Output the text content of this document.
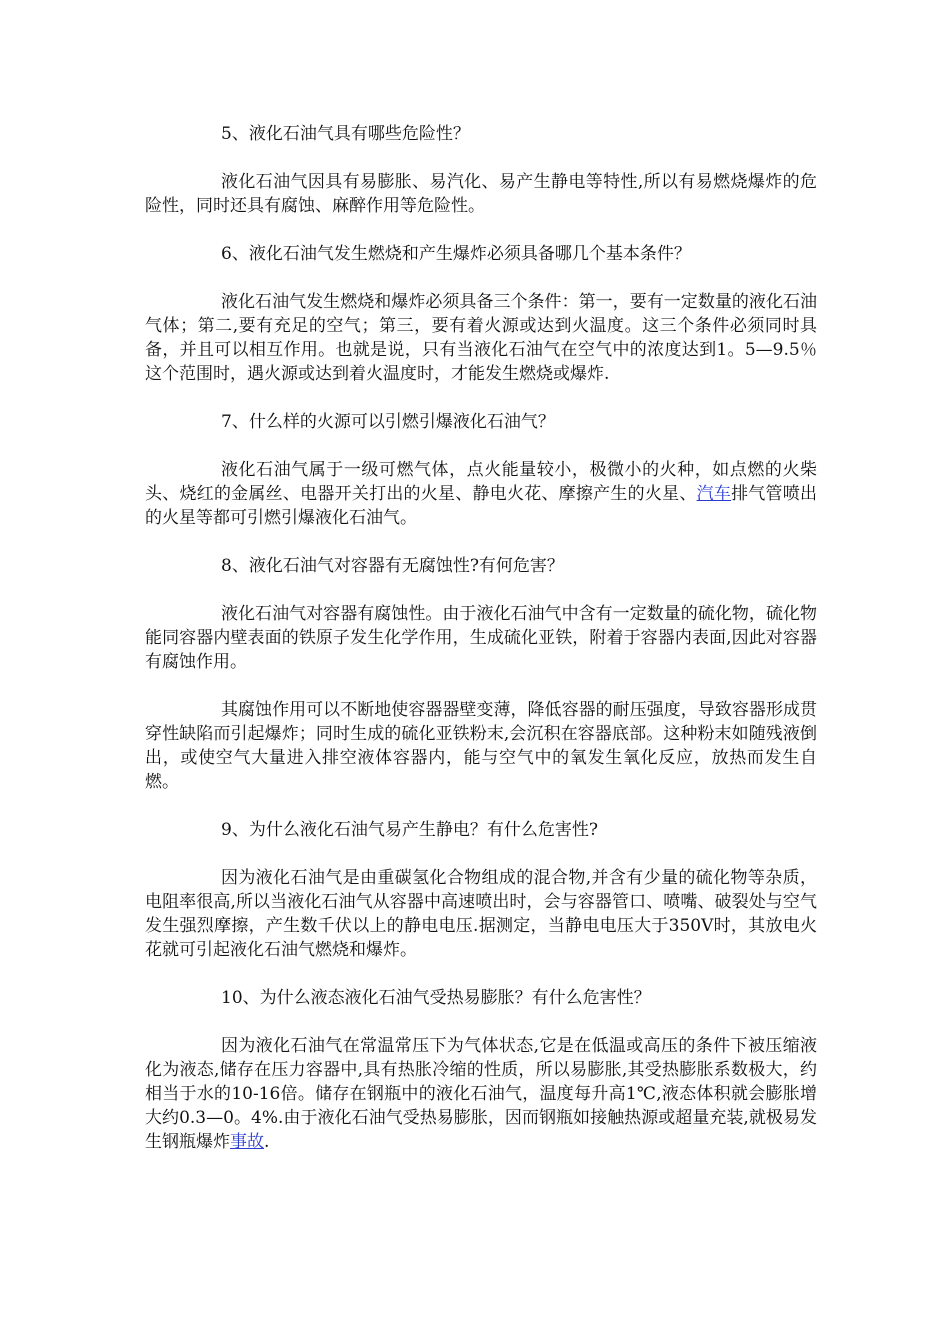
5、液化石油气具有哪些危险性？

液化石油气因具有易膨胀、易汽化、易产生静电等特性,所以有易燃烧爆炸的危险性，同时还具有腐蚀、麻醉作用等危险性。

6、液化石油气发生燃烧和产生爆炸必须具备哪几个基本条件？

液化石油气发生燃烧和爆炸必须具备三个条件：第一，要有一定数量的液化石油气体；第二,要有充足的空气；第三，要有着火源或达到火温度。这三个条件必须同时具备，并且可以相互作用。也就是说，只有当液化石油气在空气中的浓度达到1。5—9.5％这个范围时，遇火源或达到着火温度时，才能发生燃烧或爆炸.

7、什么样的火源可以引燃引爆液化石油气？

液化石油气属于一级可燃气体，点火能量较小，极微小的火种，如点燃的火柴头、烧红的金属丝、电器开关打出的火星、静电火花、摩擦产生的火星、汽车排气管喷出的火星等都可引燃引爆液化石油气。

8、液化石油气对容器有无腐蚀性?有何危害？

液化石油气对容器有腐蚀性。由于液化石油气中含有一定数量的硫化物，硫化物能同容器内壁表面的铁原子发生化学作用，生成硫化亚铁，附着于容器内表面,因此对容器有腐蚀作用。

其腐蚀作用可以不断地使容器器壁变薄，降低容器的耐压强度，导致容器形成贯穿性缺陷而引起爆炸；同时生成的硫化亚铁粉末,会沉积在容器底部。这种粉末如随残液倒出，或使空气大量进入排空液体容器内，能与空气中的氧发生氧化反应，放热而发生自燃。

9、为什么液化石油气易产生静电？有什么危害性?

因为液化石油气是由重碳氢化合物组成的混合物,并含有少量的硫化物等杂质，电阻率很高,所以当液化石油气从容器中高速喷出时，会与容器管口、喷嘴、破裂处与空气发生强烈摩擦，产生数千伏以上的静电电压.据测定，当静电电压大于350V时，其放电火花就可引起液化石油气燃烧和爆炸。

10、为什么液态液化石油气受热易膨胀？有什么危害性？

因为液化石油气在常温常压下为气体状态,它是在低温或高压的条件下被压缩液化为液态,储存在压力容器中,具有热胀冷缩的性质，所以易膨胀,其受热膨胀系数极大，约相当于水的10-16倍。储存在钢瓶中的液化石油气，温度每升高1℃,液态体积就会膨胀增大约0.3—0。4%.由于液化石油气受热易膨胀，因而钢瓶如接触热源或超量充装,就极易发生钢瓶爆炸事故.
